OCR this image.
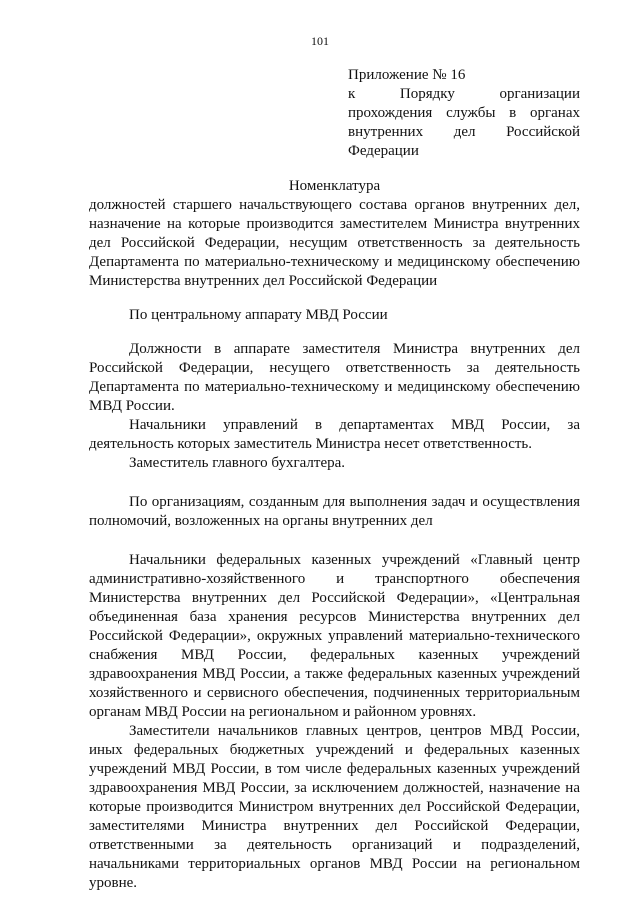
101
Приложение № 16
к Порядку организации
прохождения службы в органах
внутренних дел Российской
Федерации
Номенклатура

должностей старшего начальствующего состава органов внутренних дел, назначение на которые производится заместителем Министра внутренних дел Российской Федерации, несущим ответственность за деятельность Департамента по материально-техническому и медицинскому обеспечению Министерства внутренних дел Российской Федерации

По центральному аппарату МВД России

Должности в аппарате заместителя Министра внутренних дел Российской Федерации, несущего ответственность за деятельность Департамента по материально-техническому и медицинскому обеспечению МВД России.

Начальники управлений в департаментах МВД России, за деятельность которых заместитель Министра несет ответственность.

Заместитель главного бухгалтера.

По организациям, созданным для выполнения задач и осуществления полномочий, возложенных на органы внутренних дел

Начальники федеральных казенных учреждений «Главный центр административно-хозяйственного и транспортного обеспечения Министерства внутренних дел Российской Федерации», «Центральная объединенная база хранения ресурсов Министерства внутренних дел Российской Федерации», окружных управлений материально-технического снабжения МВД России, федеральных казенных учреждений здравоохранения МВД России, а также федеральных казенных учреждений хозяйственного и сервисного обеспечения, подчиненных территориальным органам МВД России на региональном и районном уровнях.

Заместители начальников главных центров, центров МВД России, иных федеральных бюджетных учреждений и федеральных казенных учреждений МВД России, в том числе федеральных казенных учреждений здравоохранения МВД России, за исключением должностей, назначение на которые производится Министром внутренних дел Российской Федерации, заместителями Министра внутренних дел Российской Федерации, ответственными за деятельность организаций и подразделений, начальниками территориальных органов МВД России на региональном уровне.
